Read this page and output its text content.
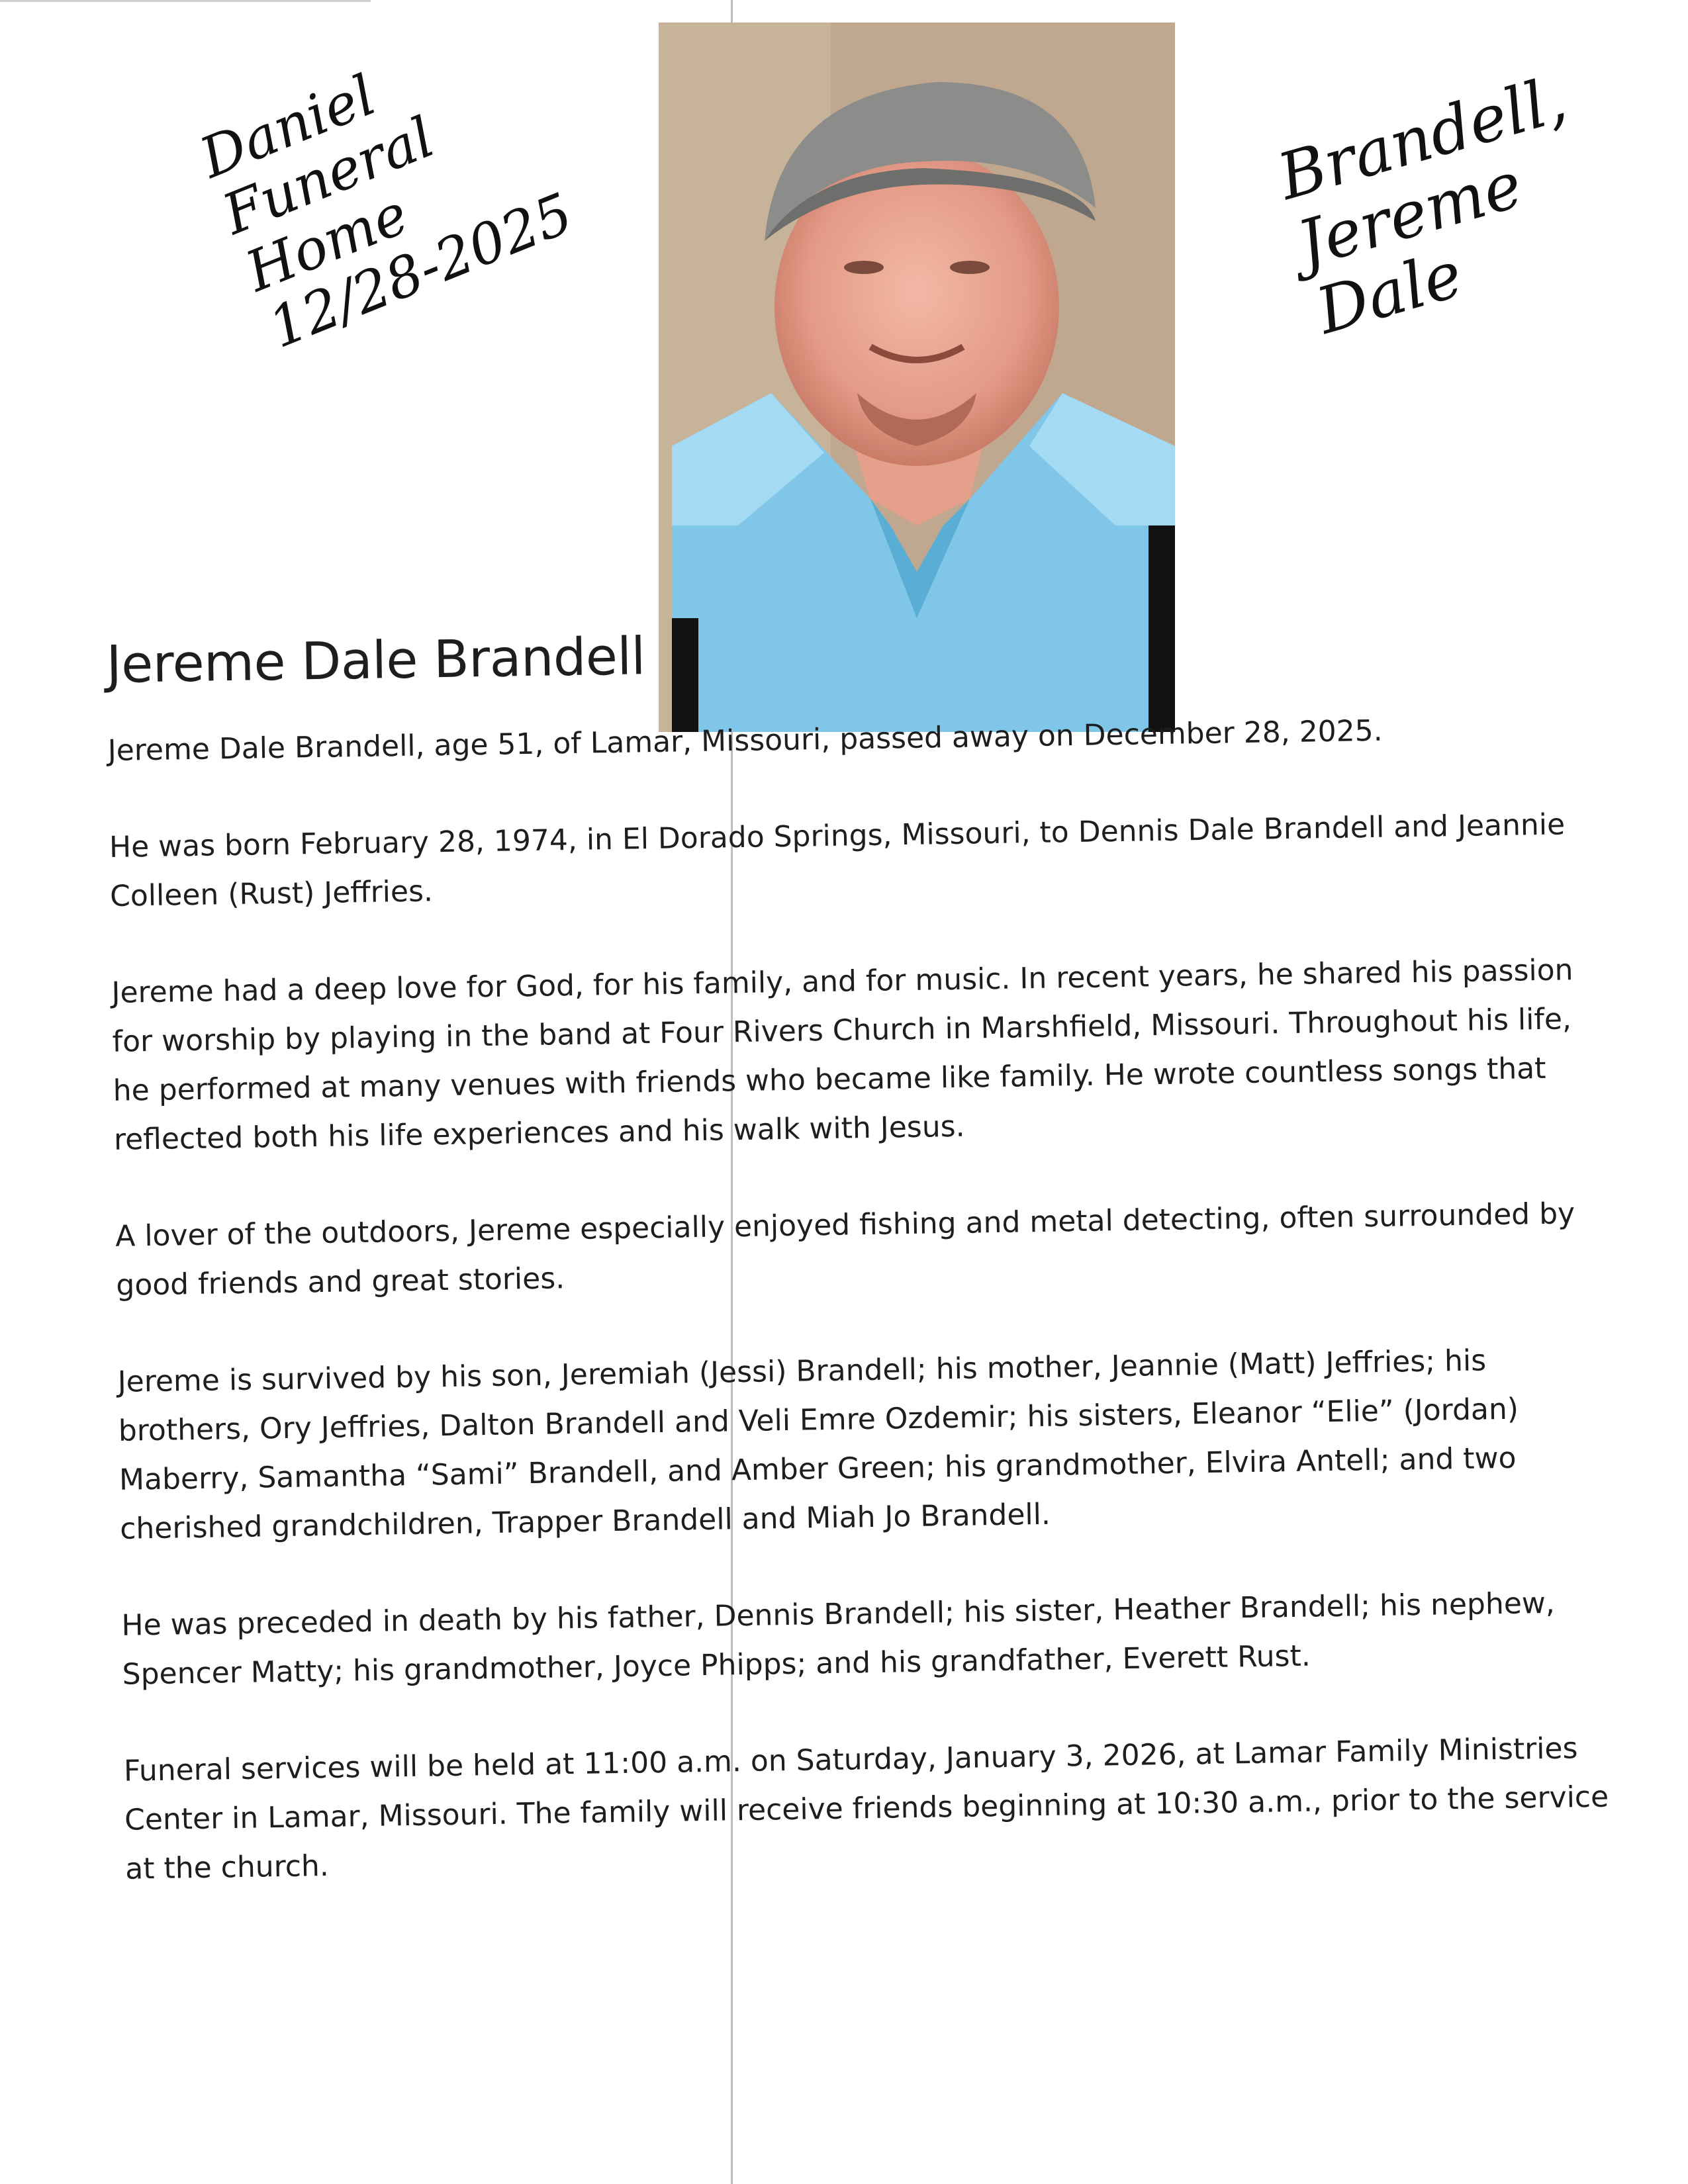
Daniel
Funeral
Home
12/28-2025
Brandell,
Jereme
Dale
Jereme Dale Brandell

Jereme Dale Brandell, age 51, of Lamar, Missouri, passed away on December 28, 2025.

He was born February 28, 1974, in El Dorado Springs, Missouri, to Dennis Dale Brandell and Jeannie Colleen (Rust) Jeffries.

Jereme had a deep love for God, for his family, and for music. In recent years, he shared his passion for worship by playing in the band at Four Rivers Church in Marshfield, Missouri. Throughout his life, he performed at many venues with friends who became like family. He wrote countless songs that reflected both his life experiences and his walk with Jesus.

A lover of the outdoors, Jereme especially enjoyed fishing and metal detecting, often surrounded by good friends and great stories.

Jereme is survived by his son, Jeremiah (Jessi) Brandell; his mother, Jeannie (Matt) Jeffries; his brothers, Ory Jeffries, Dalton Brandell and Veli Emre Ozdemir; his sisters, Eleanor “Elie” (Jordan) Maberry, Samantha “Sami” Brandell, and Amber Green; his grandmother, Elvira Antell; and two cherished grandchildren, Trapper Brandell and Miah Jo Brandell.

He was preceded in death by his father, Dennis Brandell; his sister, Heather Brandell; his nephew, Spencer Matty; his grandmother, Joyce Phipps; and his grandfather, Everett Rust.

Funeral services will be held at 11:00 a.m. on Saturday, January 3, 2026, at Lamar Family Ministries Center in Lamar, Missouri. The family will receive friends beginning at 10:30 a.m., prior to the service at the church.
